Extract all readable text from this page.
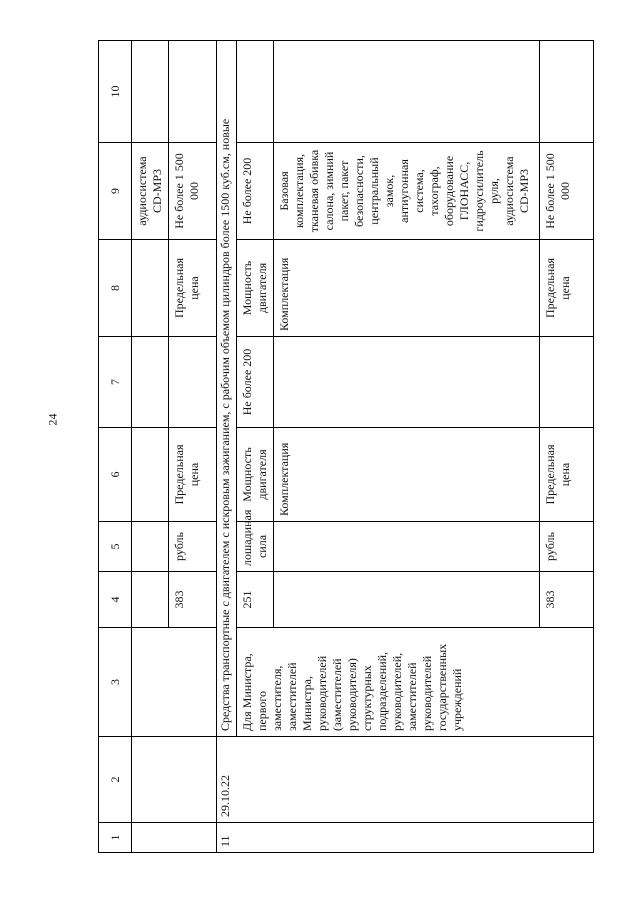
24
1	2	3	4	5	6	7	8	9	10
								аудиосистема CD-MP3	
			383	рубль	Предельная цена		Предельная цена	Не более 1 500 000	
11	29.10.22	Средства транспортные с двигателем с искровым зажиганием, с рабочим объемом цилиндров более 1500 куб.см, новые							
		Для Министра, первого заместителя, заместителей Министра, руководителей (заместителей руководителя) структурных подразделений, руководителей, заместителей руководителей государственных учреждений	251	лошадиная сила	Мощность двигателя	Не более 200	Мощность двигателя	Не более 200	
					Комплектация		Комплектация	Базовая комплектация, тканевая обивка салона, зимний пакет, пакет безопасности, центральный замок, антиугонная система, тахограф, оборудование ГЛОНАСС, гидроусилитель руля, аудиосистема CD-MP3	
			383	рубль	Предельная цена		Предельная цена	Не более 1 500 000	
